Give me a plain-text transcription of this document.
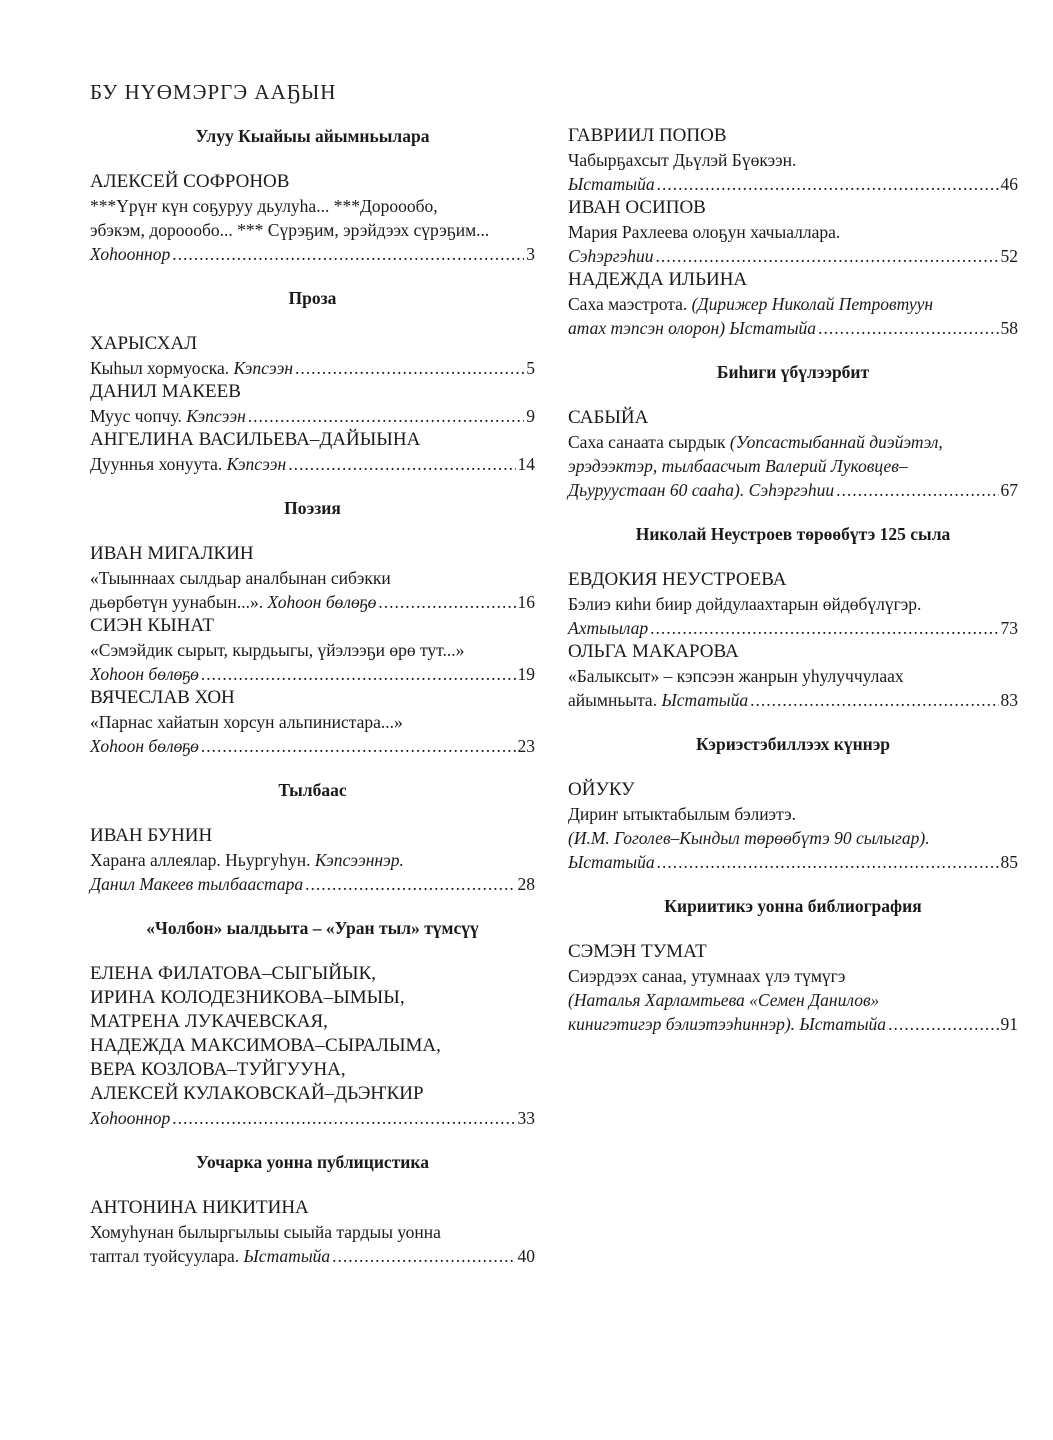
БУ НҮӨМЭРГЭ ААҔЫН
Улуу Кыайыы айымньылара
АЛЕКСЕЙ СОФРОНОВ
***Үрүҥ күн соҕуруу дьулуһа... ***Дороообо,
эбэкэм, дороообо... *** Сүрэҕим, эрэйдээх сүрэҕим...
Хоһооннор .....	3
Проза
ХАРЫСХАЛ
Кыһыл хормуоска. Кэпсээн .....	5
ДАНИЛ МАКЕЕВ
Муус чопчу. Кэпсээн .....	9
АНГЕЛИНА ВАСИЛЬЕВА–ДАЙЫЫНА
Дууннья хонуута. Кэпсээн .....	14
Поэзия
ИВАН МИГАЛКИН
«Тыыннаах сылдьар аналбынан сибэкки
дьөрбөтүн уунабын...». Хоһоон бөлөҕө .....	16
СИЭН КЫНАТ
«Сэмэйдик сырыт, кырдьыгы, үйэлээҕи өрө тут...»
Хоһоон бөлөҕө .....	19
ВЯЧЕСЛАВ ХОН
«Парнас хайатын хорсун альпинистара...»
Хоһоон бөлөҕө .....	23
Тылбаас
ИВАН БУНИН
Хараҥа аллеялар. Ньургуһун. Кэпсээннэр.
Данил Макеев тылбаастара .....	28
«Чолбон» ыалдьыта – «Уран тыл» түмсүү
ЕЛЕНА ФИЛАТОВА–СЫГЫЙЫК,
ИРИНА КОЛОДЕЗНИКОВА–ЫМЫЫ,
МАТРЕНА ЛУКАЧЕВСКАЯ,
НАДЕЖДА МАКСИМОВА–СЫРАЛЫМА,
ВЕРА КОЗЛОВА–ТУЙГУУНА,
АЛЕКСЕЙ КУЛАКОВСКАЙ–ДЬЭҤКИР
Хоһооннор .....	33
Уочарка уонна публицистика
АНТОНИНА НИКИТИНА
Хомуһунан былыргылыы сыыйа тардыы уонна
таптал туойсуулара. Ыстатыйа .....	40
ГАВРИИЛ ПОПОВ
Чабырҕахсыт Дьүлэй Бүөкээн.
Ыстатыйа .....	46
ИВАН ОСИПОВ
Мария Рахлеева олоҕун хачыаллара.
Сэһэргэһии .....	52
НАДЕЖДА ИЛЬИНА
Саха маэстрота. (Дирижер Николай Петровтуун
атах тэпсэн олорон) Ыстатыйа .....	58
Биһиги үбүлээрбит
САБЫЙА
Саха санаата сырдык (Уопсастыбаннай диэйэтэл,
эрэдээктэр, тылбаасчыт Валерий Луковцев–
Дьуруустаан 60 сааһа). Сэһэргэһии .....	67
Николай Неустроев төрөөбүтэ 125 сыла
ЕВДОКИЯ НЕУСТРОЕВА
Бэлиэ киһи биир дойдулаахтарын өйдөбүлүгэр.
Ахтыылар .....	73
ОЛЬГА МАКАРОВА
«Балыксыт» – кэпсээн жанрын уһулуччулаах
айымньыта. Ыстатыйа .....	83
Кэриэстэбиллээх күннэр
ОЙУКУ
Дириҥ ытыктабылым бэлиэтэ.
(И.М. Гоголев–Кындыл төрөөбүтэ 90 сылыгар).
Ыстатыйа .....	85
Кириитикэ уонна библиография
СЭМЭН ТУМАТ
Сиэрдээх санаа, утумнаах үлэ түмүгэ
(Наталья Харламтьева «Семен Данилов»
кинигэтигэр бэлиэтээһиннэр). Ыстатыйа .....	91
